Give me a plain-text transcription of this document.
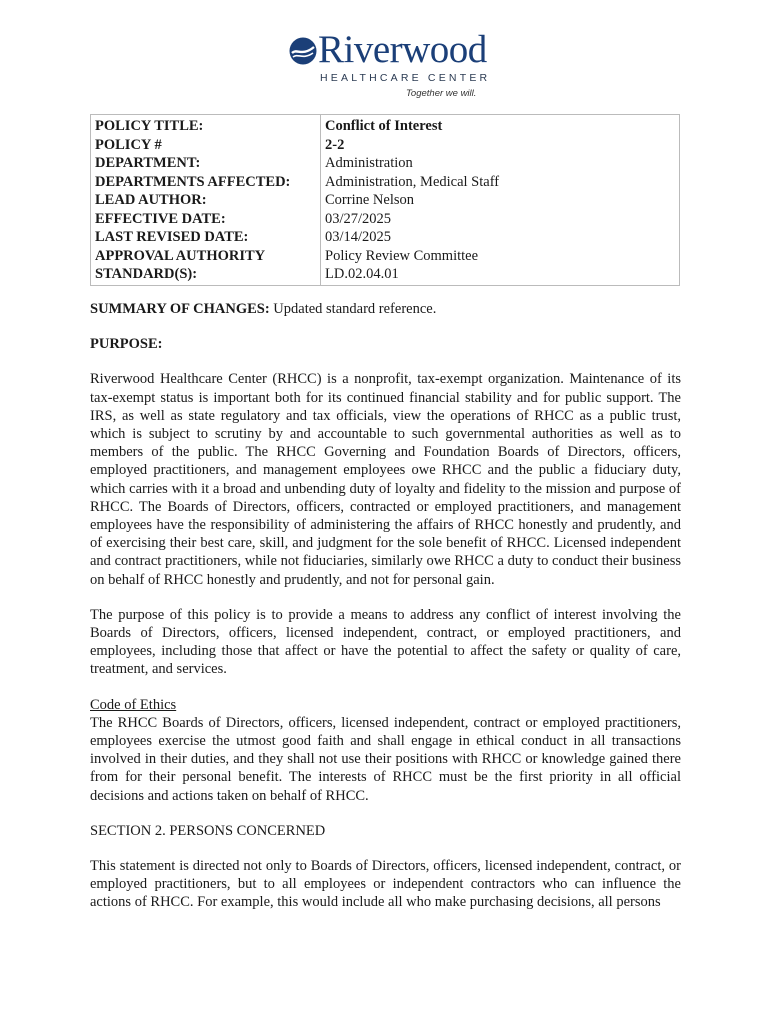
Riverwood
HEALTHCARE CENTER
Together we will.
POLICY TITLE:	Conflict of Interest
POLICY #	2-2
DEPARTMENT:	Administration
DEPARTMENTS AFFECTED:	Administration, Medical Staff
LEAD AUTHOR:	Corrine Nelson
EFFECTIVE DATE:	03/27/2025
LAST REVISED DATE:	03/14/2025
APPROVAL AUTHORITY	Policy Review Committee
STANDARD(S):	LD.02.04.01

SUMMARY OF CHANGES: Updated standard reference.

PURPOSE:

Riverwood Healthcare Center (RHCC) is a nonprofit, tax-exempt organization. Maintenance of its tax-exempt status is important both for its continued financial stability and for public support. The IRS, as well as state regulatory and tax officials, view the operations of RHCC as a public trust, which is subject to scrutiny by and accountable to such governmental authorities as well as to members of the public. The RHCC Governing and Foundation Boards of Directors, officers, employed practitioners, and management employees owe RHCC and the public a fiduciary duty, which carries with it a broad and unbending duty of loyalty and fidelity to the mission and purpose of RHCC. The Boards of Directors, officers, contracted or employed practitioners, and management employees have the responsibility of administering the affairs of RHCC honestly and prudently, and of exercising their best care, skill, and judgment for the sole benefit of RHCC. Licensed independent and contract practitioners, while not fiduciaries, similarly owe RHCC a duty to conduct their business on behalf of RHCC honestly and prudently, and not for personal gain.

The purpose of this policy is to provide a means to address any conflict of interest involving the Boards of Directors, officers, licensed independent, contract, or employed practitioners, and employees, including those that affect or have the potential to affect the safety or quality of care, treatment, and services.

Code of Ethics

The RHCC Boards of Directors, officers, licensed independent, contract or employed practitioners, employees exercise the utmost good faith and shall engage in ethical conduct in all transactions involved in their duties, and they shall not use their positions with RHCC or knowledge gained there from for their personal benefit. The interests of RHCC must be the first priority in all official decisions and actions taken on behalf of RHCC.

SECTION 2. PERSONS CONCERNED

This statement is directed not only to Boards of Directors, officers, licensed independent, contract, or employed practitioners, but to all employees or independent contractors who can influence the actions of RHCC. For example, this would include all who make purchasing decisions, all persons
